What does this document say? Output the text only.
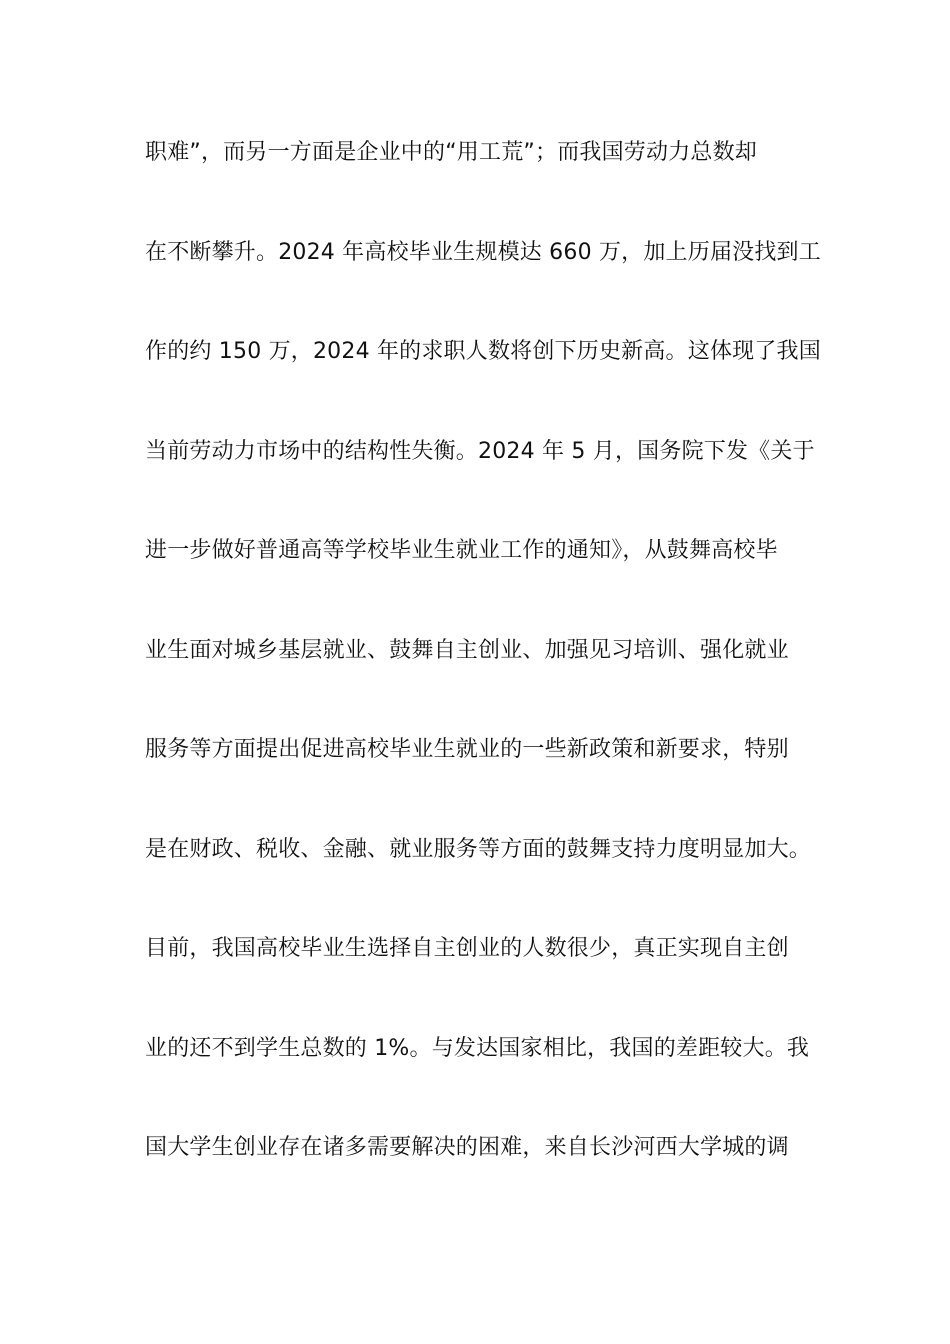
职难”，而另一方面是企业中的“用工荒”；而我国劳动力总数却
在不断攀升。2024 年高校毕业生规模达 660 万，加上历届没找到工
作的约 150 万，2024 年的求职人数将创下历史新高。这体现了我国
当前劳动力市场中的结构性失衡。2024 年 5 月，国务院下发《关于
进一步做好普通高等学校毕业生就业工作的通知》，从鼓舞高校毕
业生面对城乡基层就业、鼓舞自主创业、加强见习培训、强化就业
服务等方面提出促进高校毕业生就业的一些新政策和新要求，特别
是在财政、税收、金融、就业服务等方面的鼓舞支持力度明显加大。
目前，我国高校毕业生选择自主创业的人数很少，真正实现自主创
业的还不到学生总数的 1%。与发达国家相比，我国的差距较大。我
国大学生创业存在诸多需要解决的困难，来自长沙河西大学城的调
